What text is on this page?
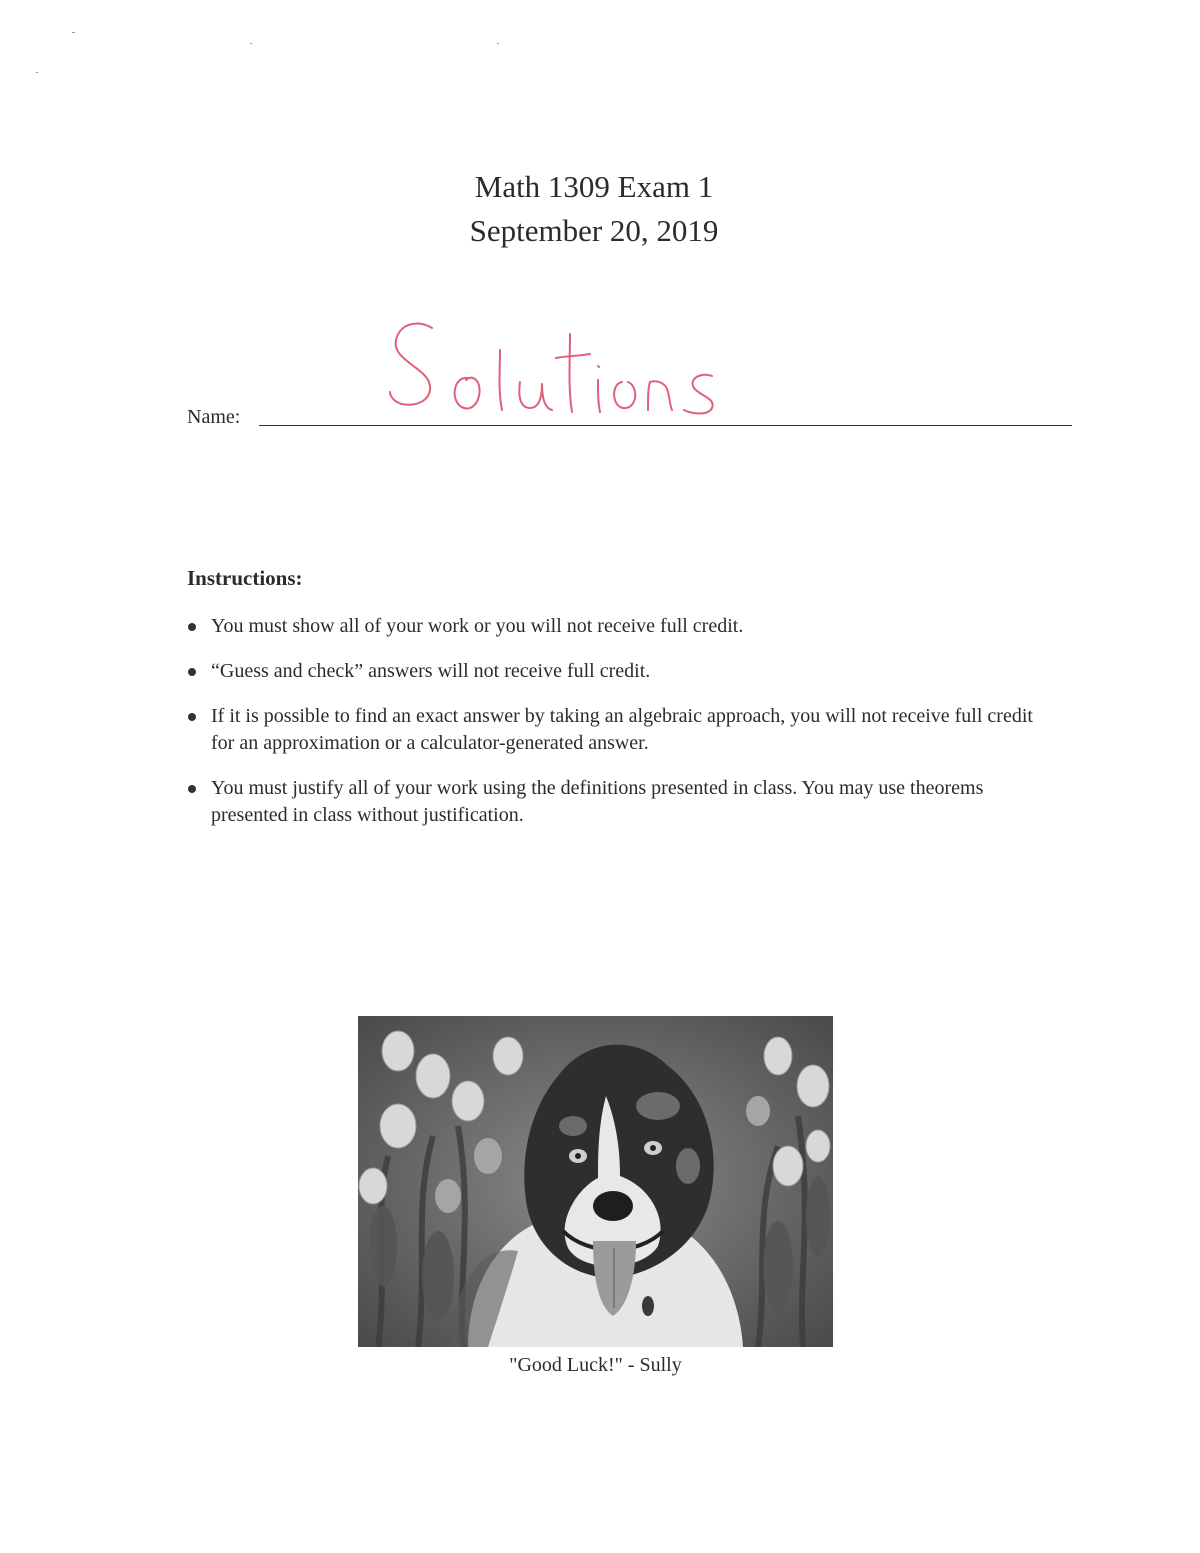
Math 1309 Exam 1
September 20, 2019
Name:
Instructions:
You must show all of your work or you will not receive full credit.
“Guess and check” answers will not receive full credit.
If it is possible to find an exact answer by taking an algebraic approach, you will not receive full credit for an approximation or a calculator-generated answer.
You must justify all of your work using the definitions presented in class. You may use theorems presented in class without justification.
"Good Luck!" - Sully
